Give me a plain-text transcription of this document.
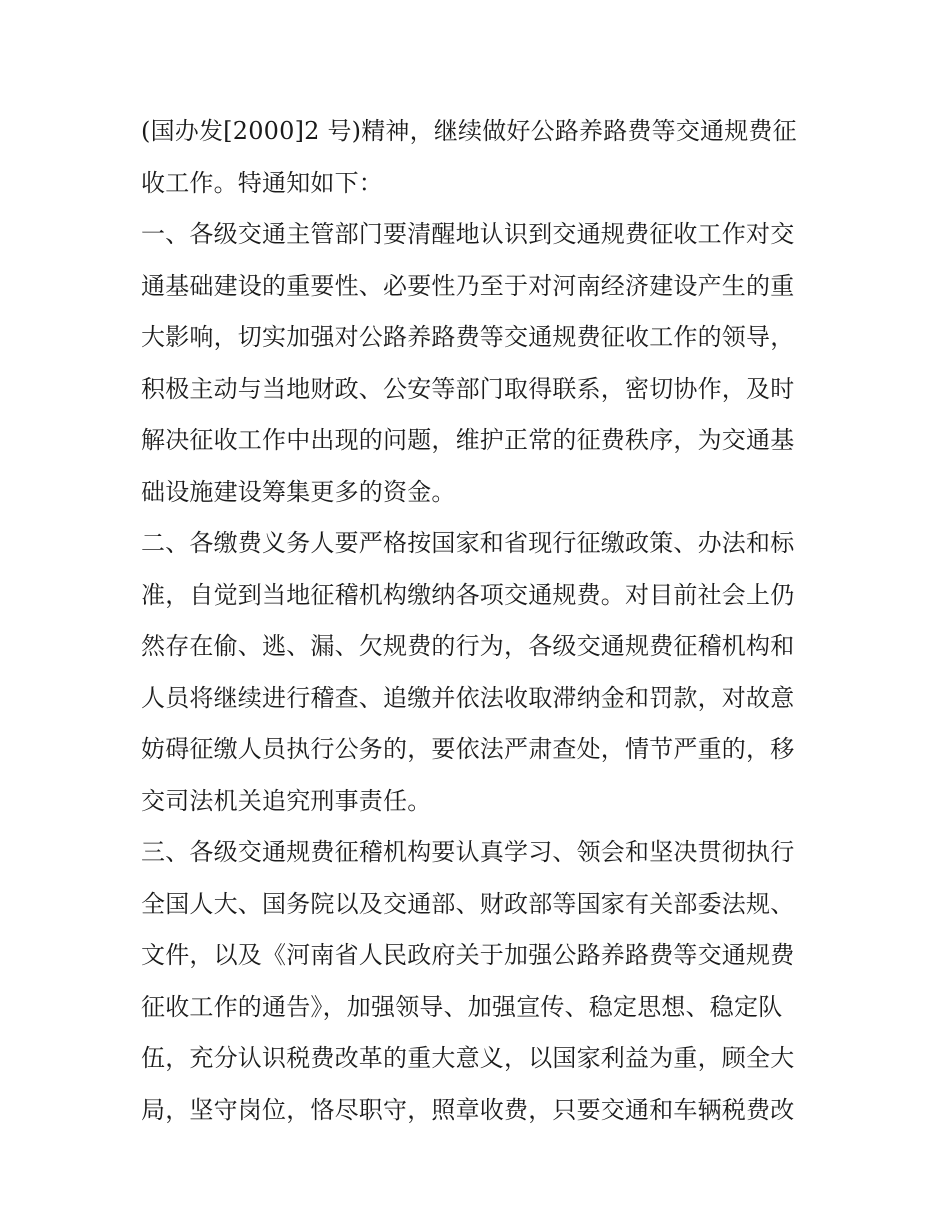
(国办发[2000]2 号)精神，继续做好公路养路费等交通规费征
收工作。特通知如下：
一、各级交通主管部门要清醒地认识到交通规费征收工作对交
通基础建设的重要性、必要性乃至于对河南经济建设产生的重
大影响，切实加强对公路养路费等交通规费征收工作的领导，
积极主动与当地财政、公安等部门取得联系，密切协作，及时
解决征收工作中出现的问题，维护正常的征费秩序，为交通基
础设施建设筹集更多的资金。
二、各缴费义务人要严格按国家和省现行征缴政策、办法和标
准，自觉到当地征稽机构缴纳各项交通规费。对目前社会上仍
然存在偷、逃、漏、欠规费的行为，各级交通规费征稽机构和
人员将继续进行稽查、追缴并依法收取滞纳金和罚款，对故意
妨碍征缴人员执行公务的，要依法严肃查处，情节严重的，移
交司法机关追究刑事责任。
三、各级交通规费征稽机构要认真学习、领会和坚决贯彻执行
全国人大、国务院以及交通部、财政部等国家有关部委法规、
文件，以及《河南省人民政府关于加强公路养路费等交通规费
征收工作的通告》，加强领导、加强宣传、稳定思想、稳定队
伍，充分认识税费改革的重大意义，以国家利益为重，顾全大
局，坚守岗位，恪尽职守，照章收费，只要交通和车辆税费改
